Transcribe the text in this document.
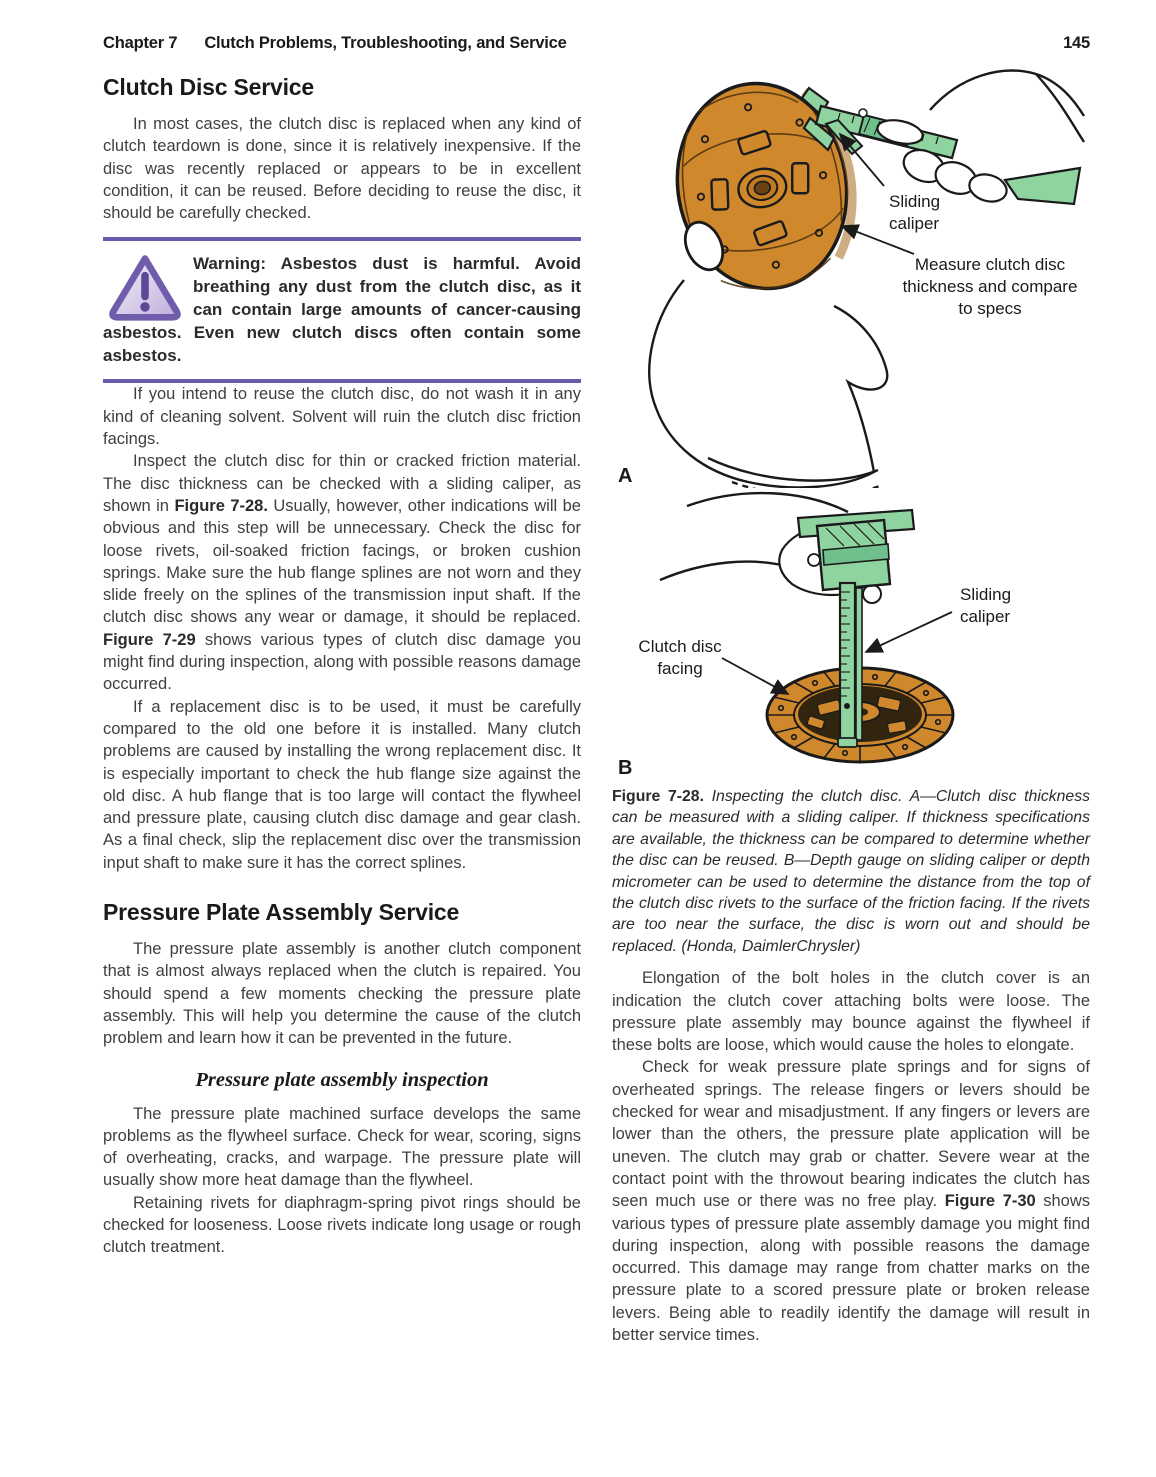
Chapter 7 Clutch Problems, Troubleshooting, and Service	145
Clutch Disc Service

In most cases, the clutch disc is replaced when any kind of clutch teardown is done, since it is relatively inexpensive. If the disc was recently replaced or appears to be in excellent condition, it can be reused. Before deciding to reuse the disc, it should be carefully checked.

Warning: Asbestos dust is harmful. Avoid breathing any dust from the clutch disc, as it can contain large amounts of cancer-causing asbestos. Even new clutch discs often contain some asbestos.

If you intend to reuse the clutch disc, do not wash it in any kind of cleaning solvent. Solvent will ruin the clutch disc friction facings.

Inspect the clutch disc for thin or cracked friction material. The disc thickness can be checked with a sliding caliper, as shown in Figure 7-28. Usually, however, other indications will be obvious and this step will be unnecessary. Check the disc for loose rivets, oil-soaked friction facings, or broken cushion springs. Make sure the hub flange splines are not worn and they slide freely on the splines of the transmission input shaft. If the clutch disc shows any wear or damage, it should be replaced. Figure 7-29 shows various types of clutch disc damage you might find during inspection, along with possible reasons damage occurred.

If a replacement disc is to be used, it must be carefully compared to the old one before it is installed. Many clutch problems are caused by installing the wrong replacement disc. It is especially important to check the hub flange size against the old disc. A hub flange that is too large will contact the flywheel and pressure plate, causing clutch disc damage and gear clash. As a final check, slip the replacement disc over the transmission input shaft to make sure it has the correct splines.

Pressure Plate Assembly Service

The pressure plate assembly is another clutch component that is almost always replaced when the clutch is repaired. You should spend a few moments checking the pressure plate assembly. This will help you determine the cause of the clutch problem and learn how it can be prevented in the future.

Pressure plate assembly inspection

The pressure plate machined surface develops the same problems as the flywheel surface. Check for wear, scoring, signs of overheating, cracks, and warpage. The pressure plate will usually show more heat damage than the flywheel.

Retaining rivets for diaphragm-spring pivot rings should be checked for looseness. Loose rivets indicate long usage or rough clutch treatment.

Sliding
caliper
Measure clutch disc
thickness and compare
to specs
A
Sliding
caliper
Clutch disc
facing
B

Figure 7-28. Inspecting the clutch disc. A—Clutch disc thickness can be measured with a sliding caliper. If thickness specifications are available, the thickness can be compared to determine whether the disc can be reused. B—Depth gauge on sliding caliper or depth micrometer can be used to determine the distance from the top of the clutch disc rivets to the surface of the friction facing. If the rivets are too near the surface, the disc is worn out and should be replaced. (Honda, DaimlerChrysler)

Elongation of the bolt holes in the clutch cover is an indication the clutch cover attaching bolts were loose. The pressure plate assembly may bounce against the flywheel if these bolts are loose, which would cause the holes to elongate.

Check for weak pressure plate springs and for signs of overheated springs. The release fingers or levers should be checked for wear and misadjustment. If any fingers or levers are lower than the others, the pressure plate application will be uneven. The clutch may grab or chatter. Severe wear at the contact point with the throwout bearing indicates the clutch has seen much use or there was no free play. Figure 7-30 shows various types of pressure plate assembly damage you might find during inspection, along with possible reasons the damage occurred. This damage may range from chatter marks on the pressure plate to a scored pressure plate or broken release levers. Being able to readily identify the damage will result in better service times.
